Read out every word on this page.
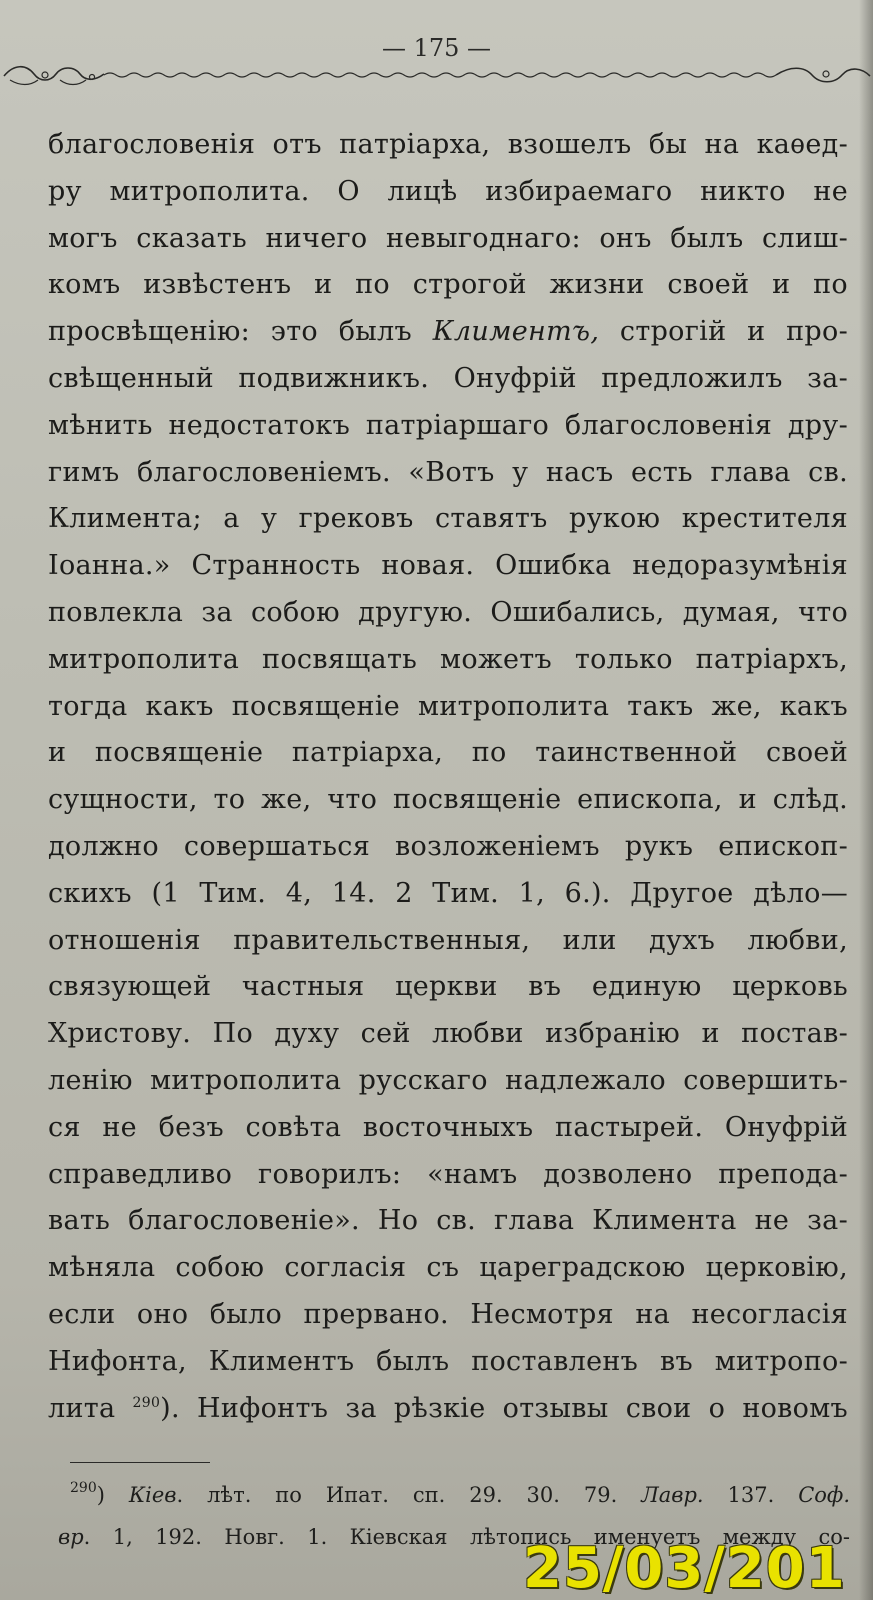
— 175 —

благословенія отъ патріарха, взошелъ бы на каѳед-
ру митрополита. О лицѣ избираемаго никто не
могъ сказать ничего невыгоднаго: онъ былъ слиш-
комъ извѣстенъ и по строгой жизни своей и по
просвѣщенію: это былъ Климентъ, строгій и про-
свѣщенный подвижникъ. Онуфрій предложилъ за-
мѣнить недостатокъ патріаршаго благословенія дру-
гимъ благословеніемъ. «Вотъ у насъ есть глава св.
Климента; а у грековъ ставятъ рукою крестителя
Іоанна.» Странность новая. Ошибка недоразумѣнія
повлекла за собою другую. Ошибались, думая, что
митрополита посвящать можетъ только патріархъ,
тогда какъ посвященіе митрополита такъ же, какъ
и посвященіе патріарха, по таинственной своей
сущности, то же, что посвященіе епископа, и слѣд.
должно совершаться возложеніемъ рукъ епископ-
скихъ (1 Тим. 4, 14. 2 Тим. 1, 6.). Другое дѣло—
отношенія правительственныя, или духъ любви,
связующей частныя церкви въ единую церковь
Христову. По духу сей любви избранію и постав-
ленію митрополита русскаго надлежало совершить-
ся не безъ совѣта восточныхъ пастырей. Онуфрій
справедливо говорилъ: «намъ дозволено препода-
вать благословеніе». Но св. глава Климента не за-
мѣняла собою согласія съ цареградскою церковію,
если оно было прервано. Несмотря на несогласія
Нифонта, Климентъ былъ поставленъ въ митропо-
лита $^{290}$). Нифонтъ за рѣзкіе отзывы свои о новомъ
$^{290}$) Кіев. лѣт. по Ипат. сп. 29. 30. 79. Лавр. 137. Соф.
вр. 1, 192. Новг. 1. Кіевская лѣтопись именуетъ между со-

25/03/201
